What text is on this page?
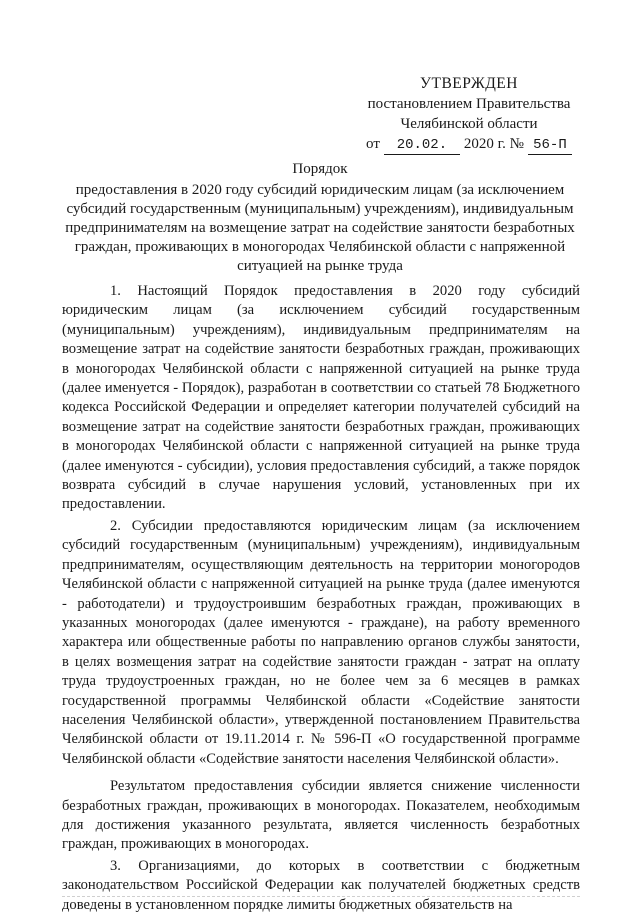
УТВЕРЖДЕН
постановлением Правительства
Челябинской области
от	20.02.	2020 г. № 56-П
Порядок
предоставления в 2020 году субсидий юридическим лицам (за исключением
субсидий государственным (муниципальным) учреждениям), индивидуальным
предпринимателям на возмещение затрат на содействие занятости безработных
граждан, проживающих в моногородах Челябинской области с напряженной
ситуацией на рынке труда

1. Настоящий Порядок предоставления в 2020 году субсидий юридическим лицам (за исключением субсидий государственным (муниципальным) учреждениям), индивидуальным предпринимателям на возмещение затрат на содействие занятости безработных граждан, проживающих в моногородах Челябинской области с напряженной ситуацией на рынке труда (далее именуется - Порядок), разработан в соответствии со статьей 78 Бюджетного кодекса Российской Федерации и определяет категории получателей субсидий на возмещение затрат на содействие занятости безработных граждан, проживающих в моногородах Челябинской области с напряженной ситуацией на рынке труда (далее именуются - субсидии), условия предоставления субсидий, а также порядок возврата субсидий в случае нарушения условий, установленных при их предоставлении.

2. Субсидии предоставляются юридическим лицам (за исключением субсидий государственным (муниципальным) учреждениям), индивидуальным предпринимателям, осуществляющим деятельность на территории моногородов Челябинской области с напряженной ситуацией на рынке труда (далее именуются - работодатели) и трудоустроившим безработных граждан, проживающих в указанных моногородах (далее именуются - граждане), на работу временного характера или общественные работы по направлению органов службы занятости, в целях возмещения затрат на содействие занятости граждан - затрат на оплату труда трудоустроенных граждан, но не более чем за 6 месяцев в рамках государственной программы Челябинской области «Содействие занятости населения Челябинской области», утвержденной постановлением Правительства Челябинской области от 19.11.2014 г. № 596-П «О государственной программе Челябинской области «Содействие занятости населения Челябинской области».

Результатом предоставления субсидии является снижение численности безработных граждан, проживающих в моногородах. Показателем, необходимым для достижения указанного результата, является численность безработных граждан, проживающих в моногородах.

3. Организациями, до которых в соответствии с бюджетным законодательством Российской Федерации как получателей бюджетных средств доведены в установленном порядке лимиты бюджетных обязательств на
